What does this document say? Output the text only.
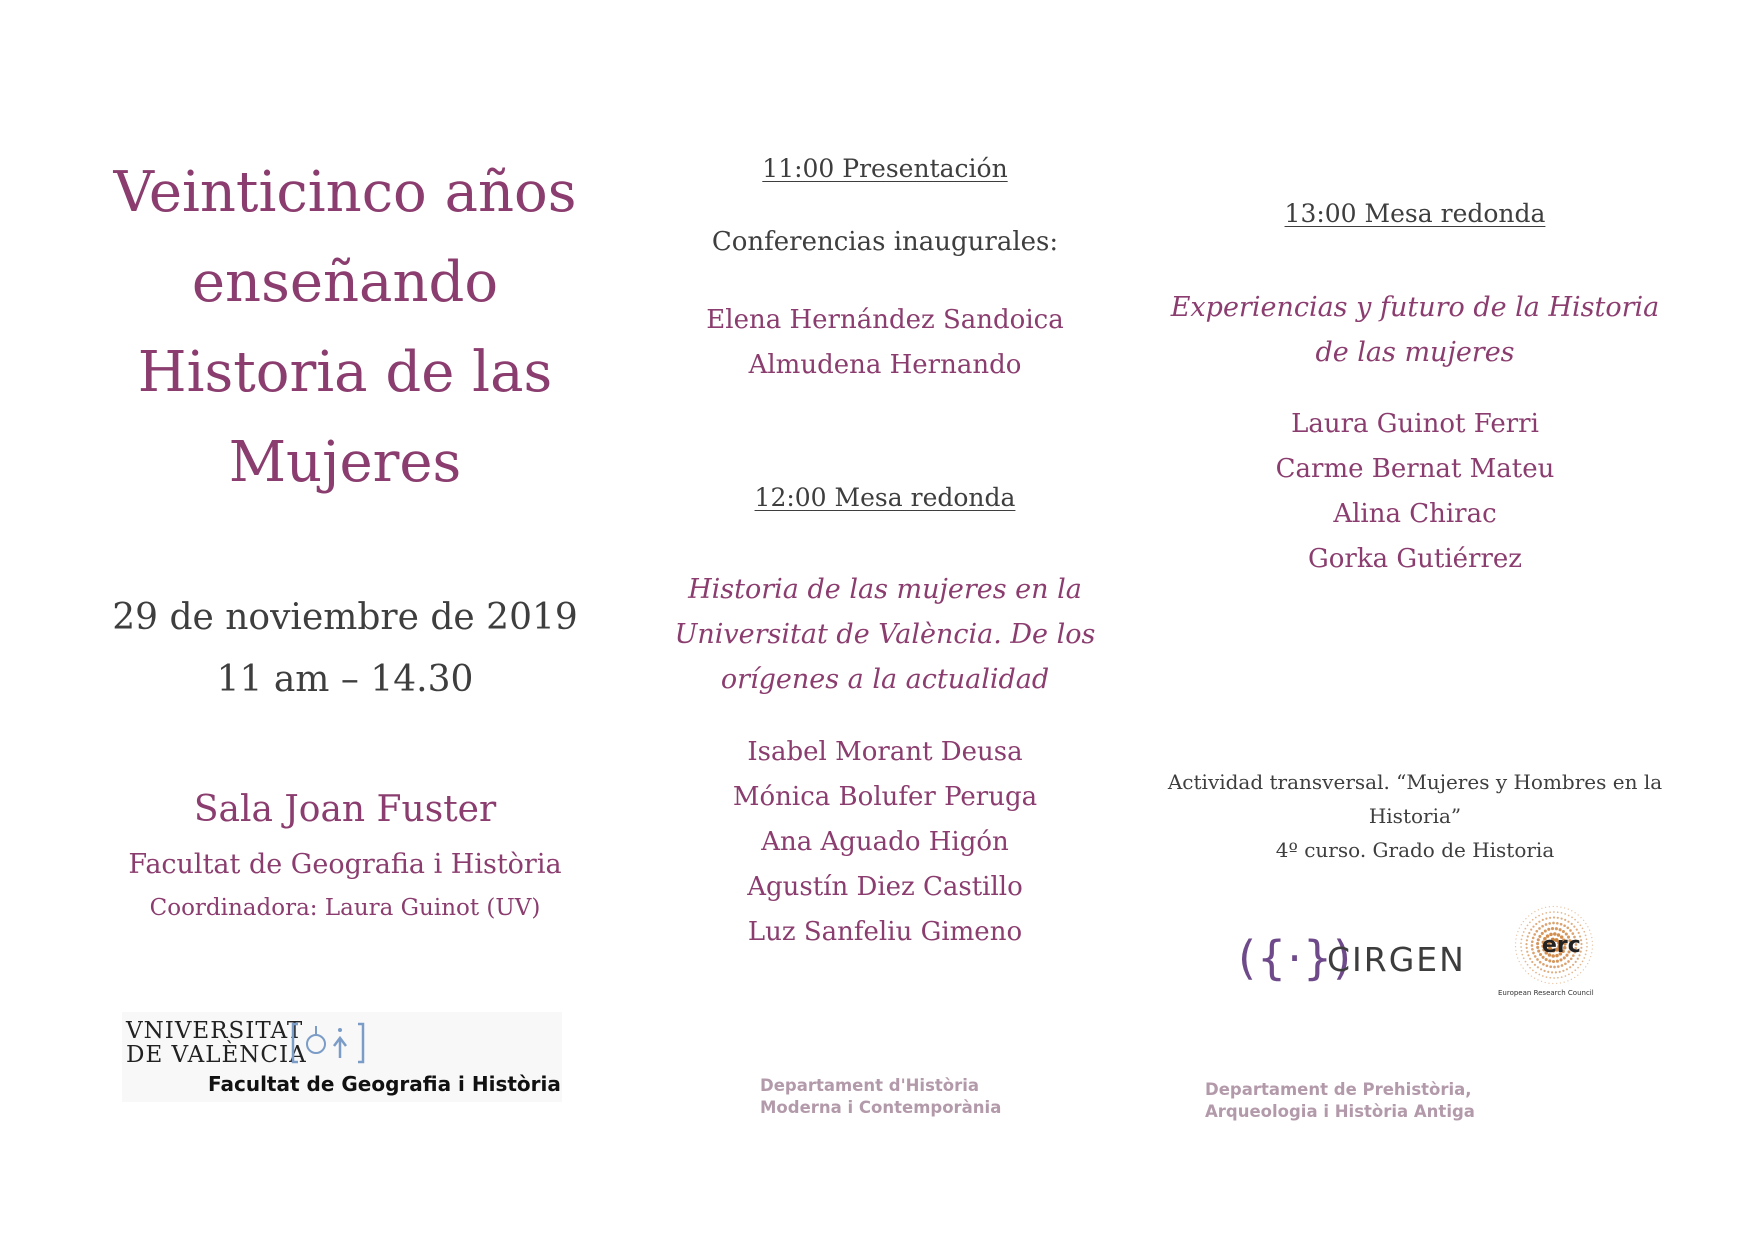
Veinticinco años
enseñando
Historia de las
Mujeres
29 de noviembre de 2019
11 am – 14.30
Sala Joan Fuster
Facultat de Geografia i Història
Coordinadora: Laura Guinot (UV)
VNIVERSITAT
DE VALÈNCIA
Facultat de Geografia i Història
11:00 Presentación
Conferencias inaugurales:
Elena Hernández Sandoica
Almudena Hernando
12:00 Mesa redonda
Historia de las mujeres en la
Universitat de València. De los
orígenes a la actualidad
Isabel Morant Deusa
Mónica Bolufer Peruga
Ana Aguado Higón
Agustín Diez Castillo
Luz Sanfeliu Gimeno
Departament d'Història
Moderna i Contemporània
13:00 Mesa redonda
Experiencias y futuro de la Historia
de las mujeres
Laura Guinot Ferri
Carme Bernat Mateu
Alina Chirac
Gorka Gutiérrez
Actividad transversal. “Mujeres y Hombres en la
Historia”
4º curso. Grado de Historia
({·})
CIRGEN	erc
European Research Council
Departament de Prehistòria,
Arqueologia i Història Antiga
